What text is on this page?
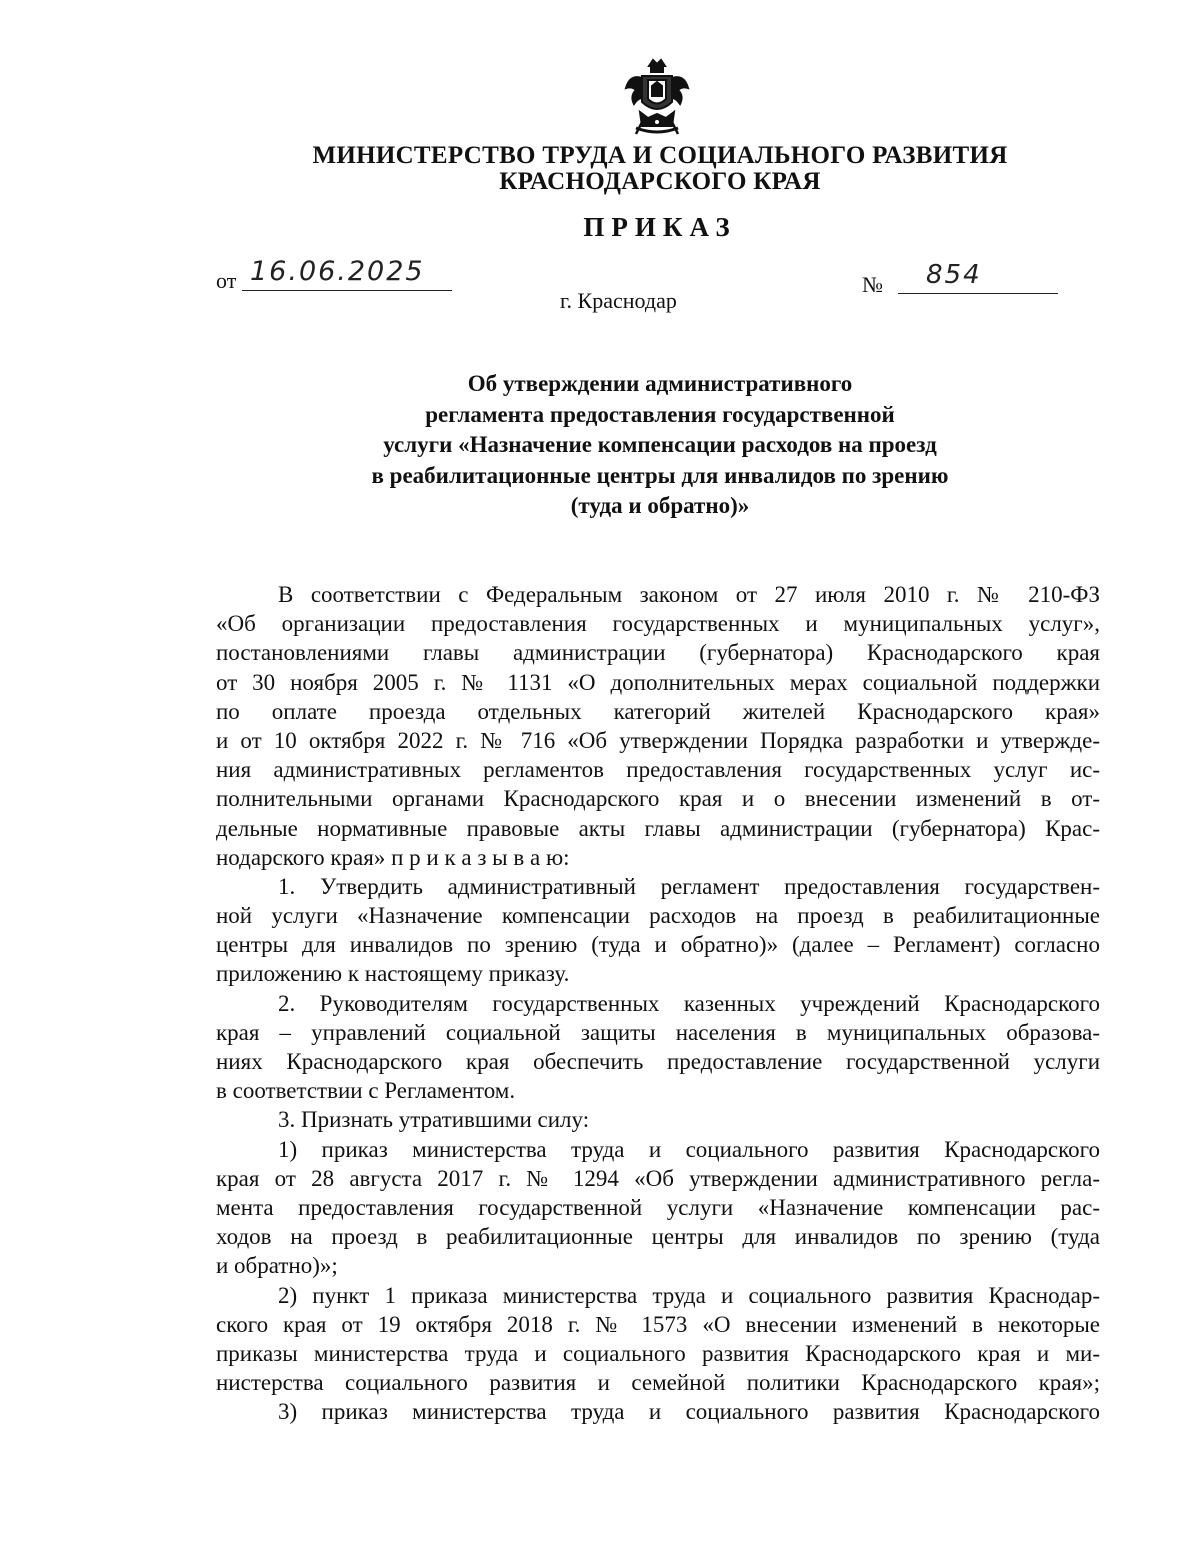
МИНИСТЕРСТВО ТРУДА И СОЦИАЛЬНОГО РАЗВИТИЯ
КРАСНОДАРСКОГО КРАЯ
ПРИКАЗ
от 16.06.2025	№ 854
г. Краснодар
Об утверждении административного
регламента предоставления государственной
услуги «Назначение компенсации расходов на проезд
в реабилитационные центры для инвалидов по зрению
(туда и обратно)»
В соответствии с Федеральным законом от 27 июля 2010 г. № 210-ФЗ
«Об организации предоставления государственных и муниципальных услуг»,
постановлениями главы администрации (губернатора) Краснодарского края
от 30 ноября 2005 г. № 1131 «О дополнительных мерах социальной поддержки
по оплате проезда отдельных категорий жителей Краснодарского края»
и от 10 октября 2022 г. № 716 «Об утверждении Порядка разработки и утвержде-
ния административных регламентов предоставления государственных услуг ис-
полнительными органами Краснодарского края и о внесении изменений в от-
дельные нормативные правовые акты главы администрации (губернатора) Крас-
нодарского края» п р и к а з ы в а ю:
1. Утвердить административный регламент предоставления государствен-
ной услуги «Назначение компенсации расходов на проезд в реабилитационные
центры для инвалидов по зрению (туда и обратно)» (далее – Регламент) согласно
приложению к настоящему приказу.
2. Руководителям государственных казенных учреждений Краснодарского
края – управлений социальной защиты населения в муниципальных образова-
ниях Краснодарского края обеспечить предоставление государственной услуги
в соответствии с Регламентом.
3. Признать утратившими силу:
1) приказ министерства труда и социального развития Краснодарского
края от 28 августа 2017 г. № 1294 «Об утверждении административного регла-
мента предоставления государственной услуги «Назначение компенсации рас-
ходов на проезд в реабилитационные центры для инвалидов по зрению (туда
и обратно)»;
2) пункт 1 приказа министерства труда и социального развития Краснодар-
ского края от 19 октября 2018 г. № 1573 «О внесении изменений в некоторые
приказы министерства труда и социального развития Краснодарского края и ми-
нистерства социального развития и семейной политики Краснодарского края»;
3) приказ министерства труда и социального развития Краснодарского
